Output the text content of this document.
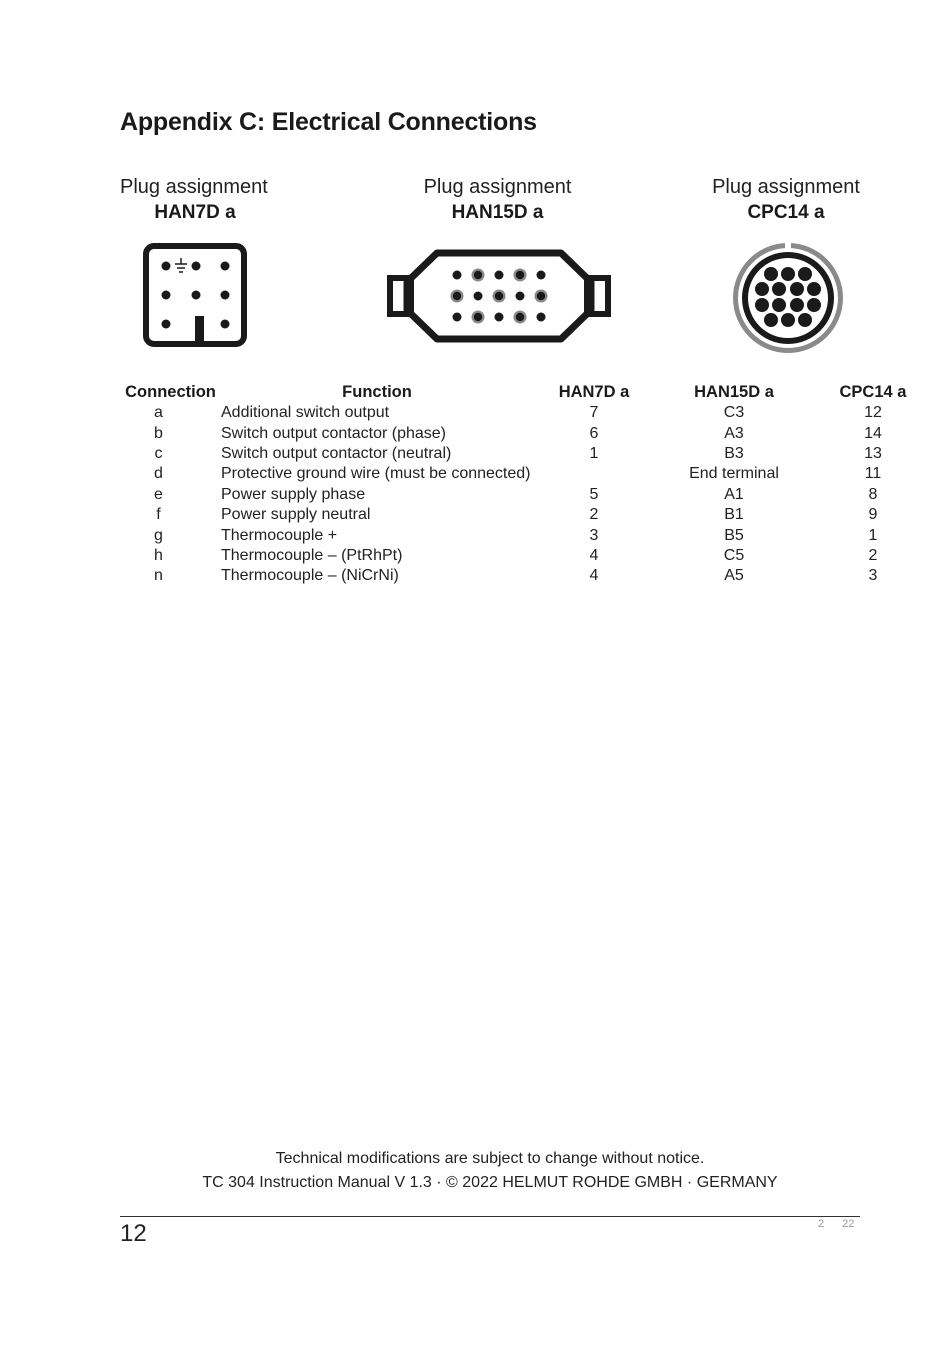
Appendix C: Electrical Connections
Plug assignment
HAN7D a
Plug assignment
HAN15D a
Plug assignment
CPC14 a
Connection	Function	HAN7D a	HAN15D a	CPC14 a
a	Additional switch output	7	C3	12
b	Switch output contactor (phase)	6	A3	14
c	Switch output contactor (neutral)	1	B3	13
d	Protective ground wire (must be connected)		End terminal	11
e	Power supply phase	5	A1	8
f	Power supply neutral	2	B1	9
g	Thermocouple +	3	B5	1
h	Thermocouple – (PtRhPt)	4	C5	2
n	Thermocouple – (NiCrNi)	4	A5	3
Technical modifications are subject to change without notice.
TC 304 Instruction Manual V 1.3 · © 2022 HELMUT ROHDE GMBH · GERMANY
12	2 22
